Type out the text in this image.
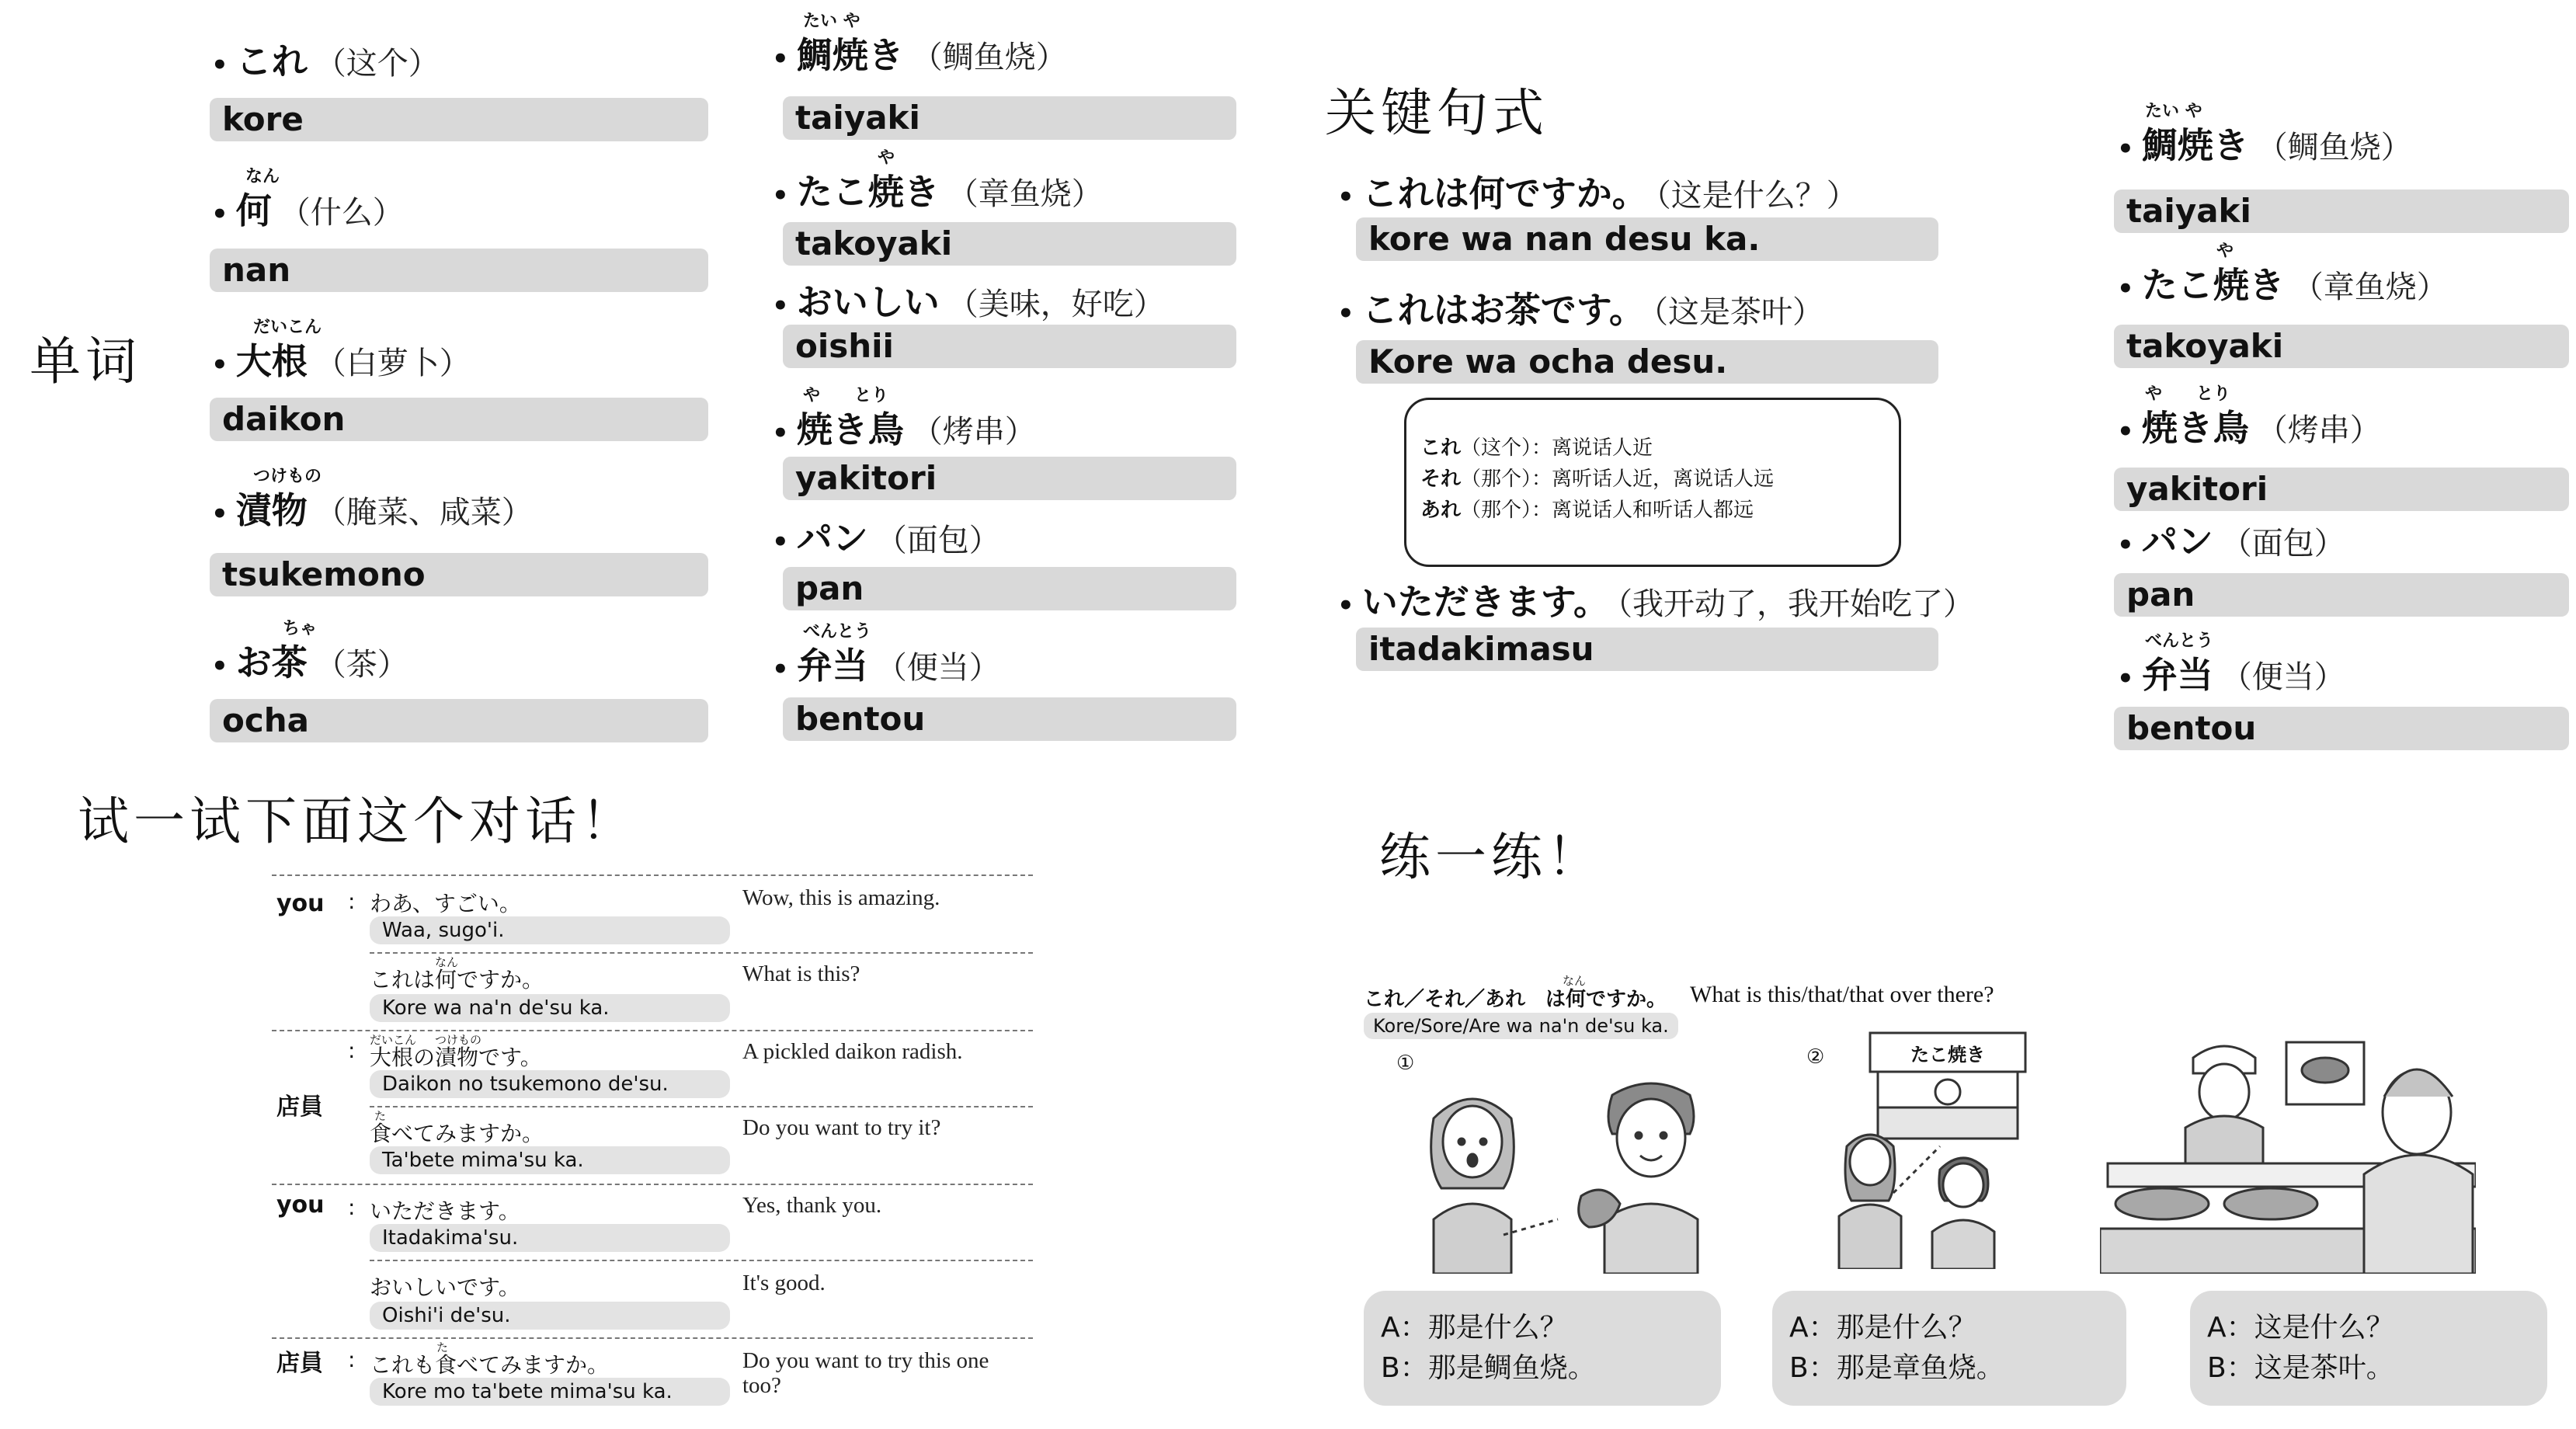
单词
• これ （这个）
kore
なん
• 何 （什么）
nan
だいこん
• 大根 （白萝卜）
daikon
つけもの
• 漬物 （腌菜、咸菜）
tsukemono
ちゃ
• お茶 （茶）
ocha
たい や
• 鯛焼き （鲷鱼烧）
taiyaki
や
• たこ焼き （章鱼烧）
takoyaki
• おいしい （美味，好吃）
oishii
や　　とり
• 焼き鳥 （烤串）
yakitori
• パン （面包）
pan
べんとう
• 弁当 （便当）
bentou
たい や
• 鯛焼き （鲷鱼烧）
taiyaki
や
• たこ焼き （章鱼烧）
takoyaki
や　　とり
• 焼き鳥 （烤串）
yakitori
• パン （面包）
pan
べんとう
• 弁当 （便当）
bentou
关键句式
• これは何ですか。 （这是什么？）
kore wa nan desu ka.
• これはお茶です。 （这是茶叶）
Kore wa ocha desu.
これ（这个）：离说话人近
それ（那个）：离听话人近，离说话人远
あれ（那个）：离说话人和听话人都远
• いただきます。 （我开动了，我开始吃了）
itadakimasu
试一试下面这个对话！
you
店員
you
店員
:
:
:
:
わあ、すごい。
Waa, sugo'i.
Wow, this is amazing.
なん
これは何ですか。
Kore wa na'n de'su ka.
What is this?
だいこん つけもの
大根の漬物です。
Daikon no tsukemono de'su.
A pickled daikon radish.
た
食べてみますか。
Ta'bete mima'su ka.
Do you want to try it?
いただきます。
Itadakima'su.
Yes, thank you.
おいしいです。
Oishi'i de'su.
It's good.
た
これも食べてみますか。
Kore mo ta'bete mima'su ka.
Do you want to try this one too?
练一练！
なん
これ／それ／あれ　は何ですか。 What is this/that/that over there?
Kore/Sore/Are wa na'n de'su ka.
①	②	たこ焼き
A：那是什么？
B：那是鲷鱼烧。
A：那是什么？
B：那是章鱼烧。
A：这是什么？
B：这是茶叶。
